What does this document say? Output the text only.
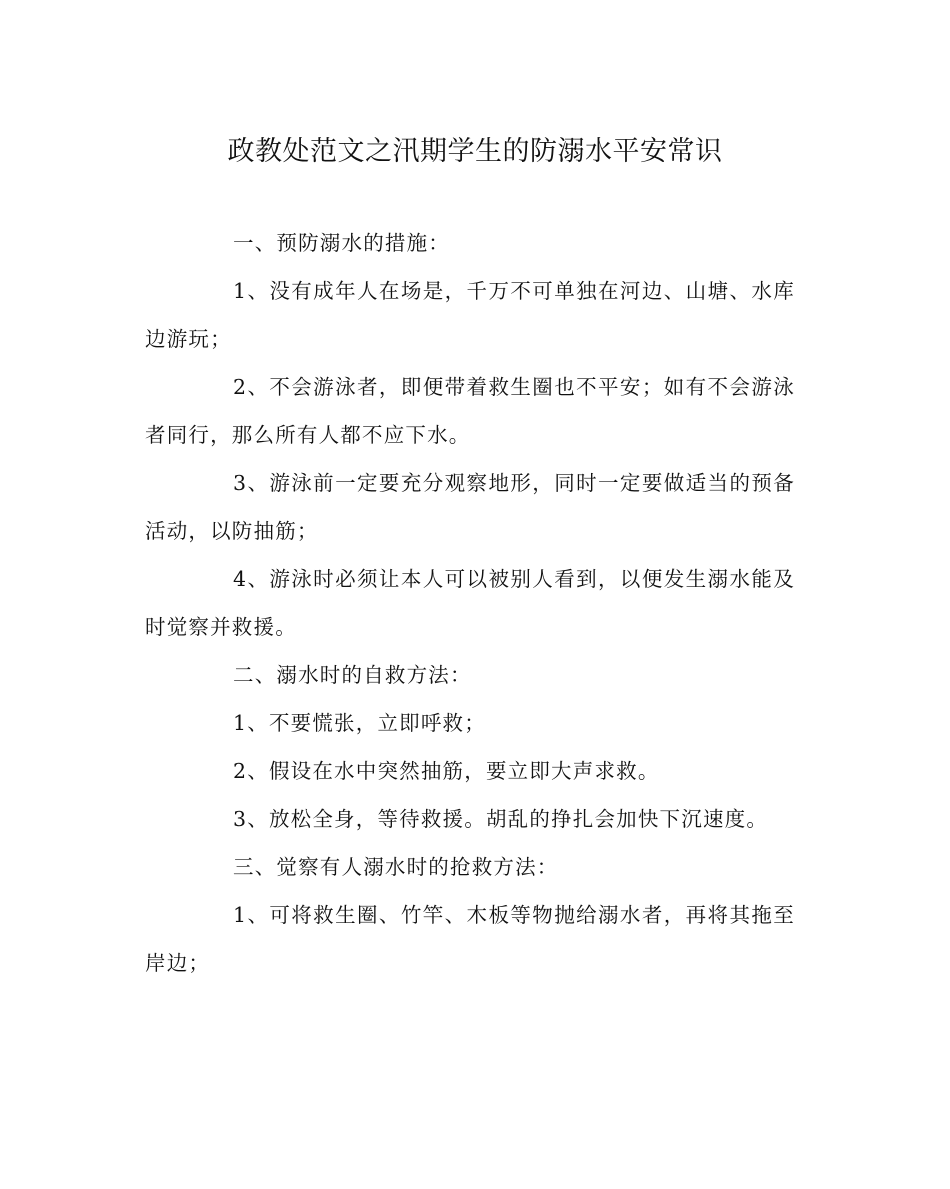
政教处范文之汛期学生的防溺水平安常识

一、预防溺水的措施：

1、没有成年人在场是，千万不可单独在河边、山塘、水库边游玩；

2、不会游泳者，即便带着救生圈也不平安；如有不会游泳者同行，那么所有人都不应下水。

3、游泳前一定要充分观察地形，同时一定要做适当的预备活动，以防抽筋；

4、游泳时必须让本人可以被别人看到，以便发生溺水能及时觉察并救援。

二、溺水时的自救方法：

1、不要慌张，立即呼救；

2、假设在水中突然抽筋，要立即大声求救。

3、放松全身，等待救援。胡乱的挣扎会加快下沉速度。

三、觉察有人溺水时的抢救方法：

1、可将救生圈、竹竿、木板等物抛给溺水者，再将其拖至岸边；
